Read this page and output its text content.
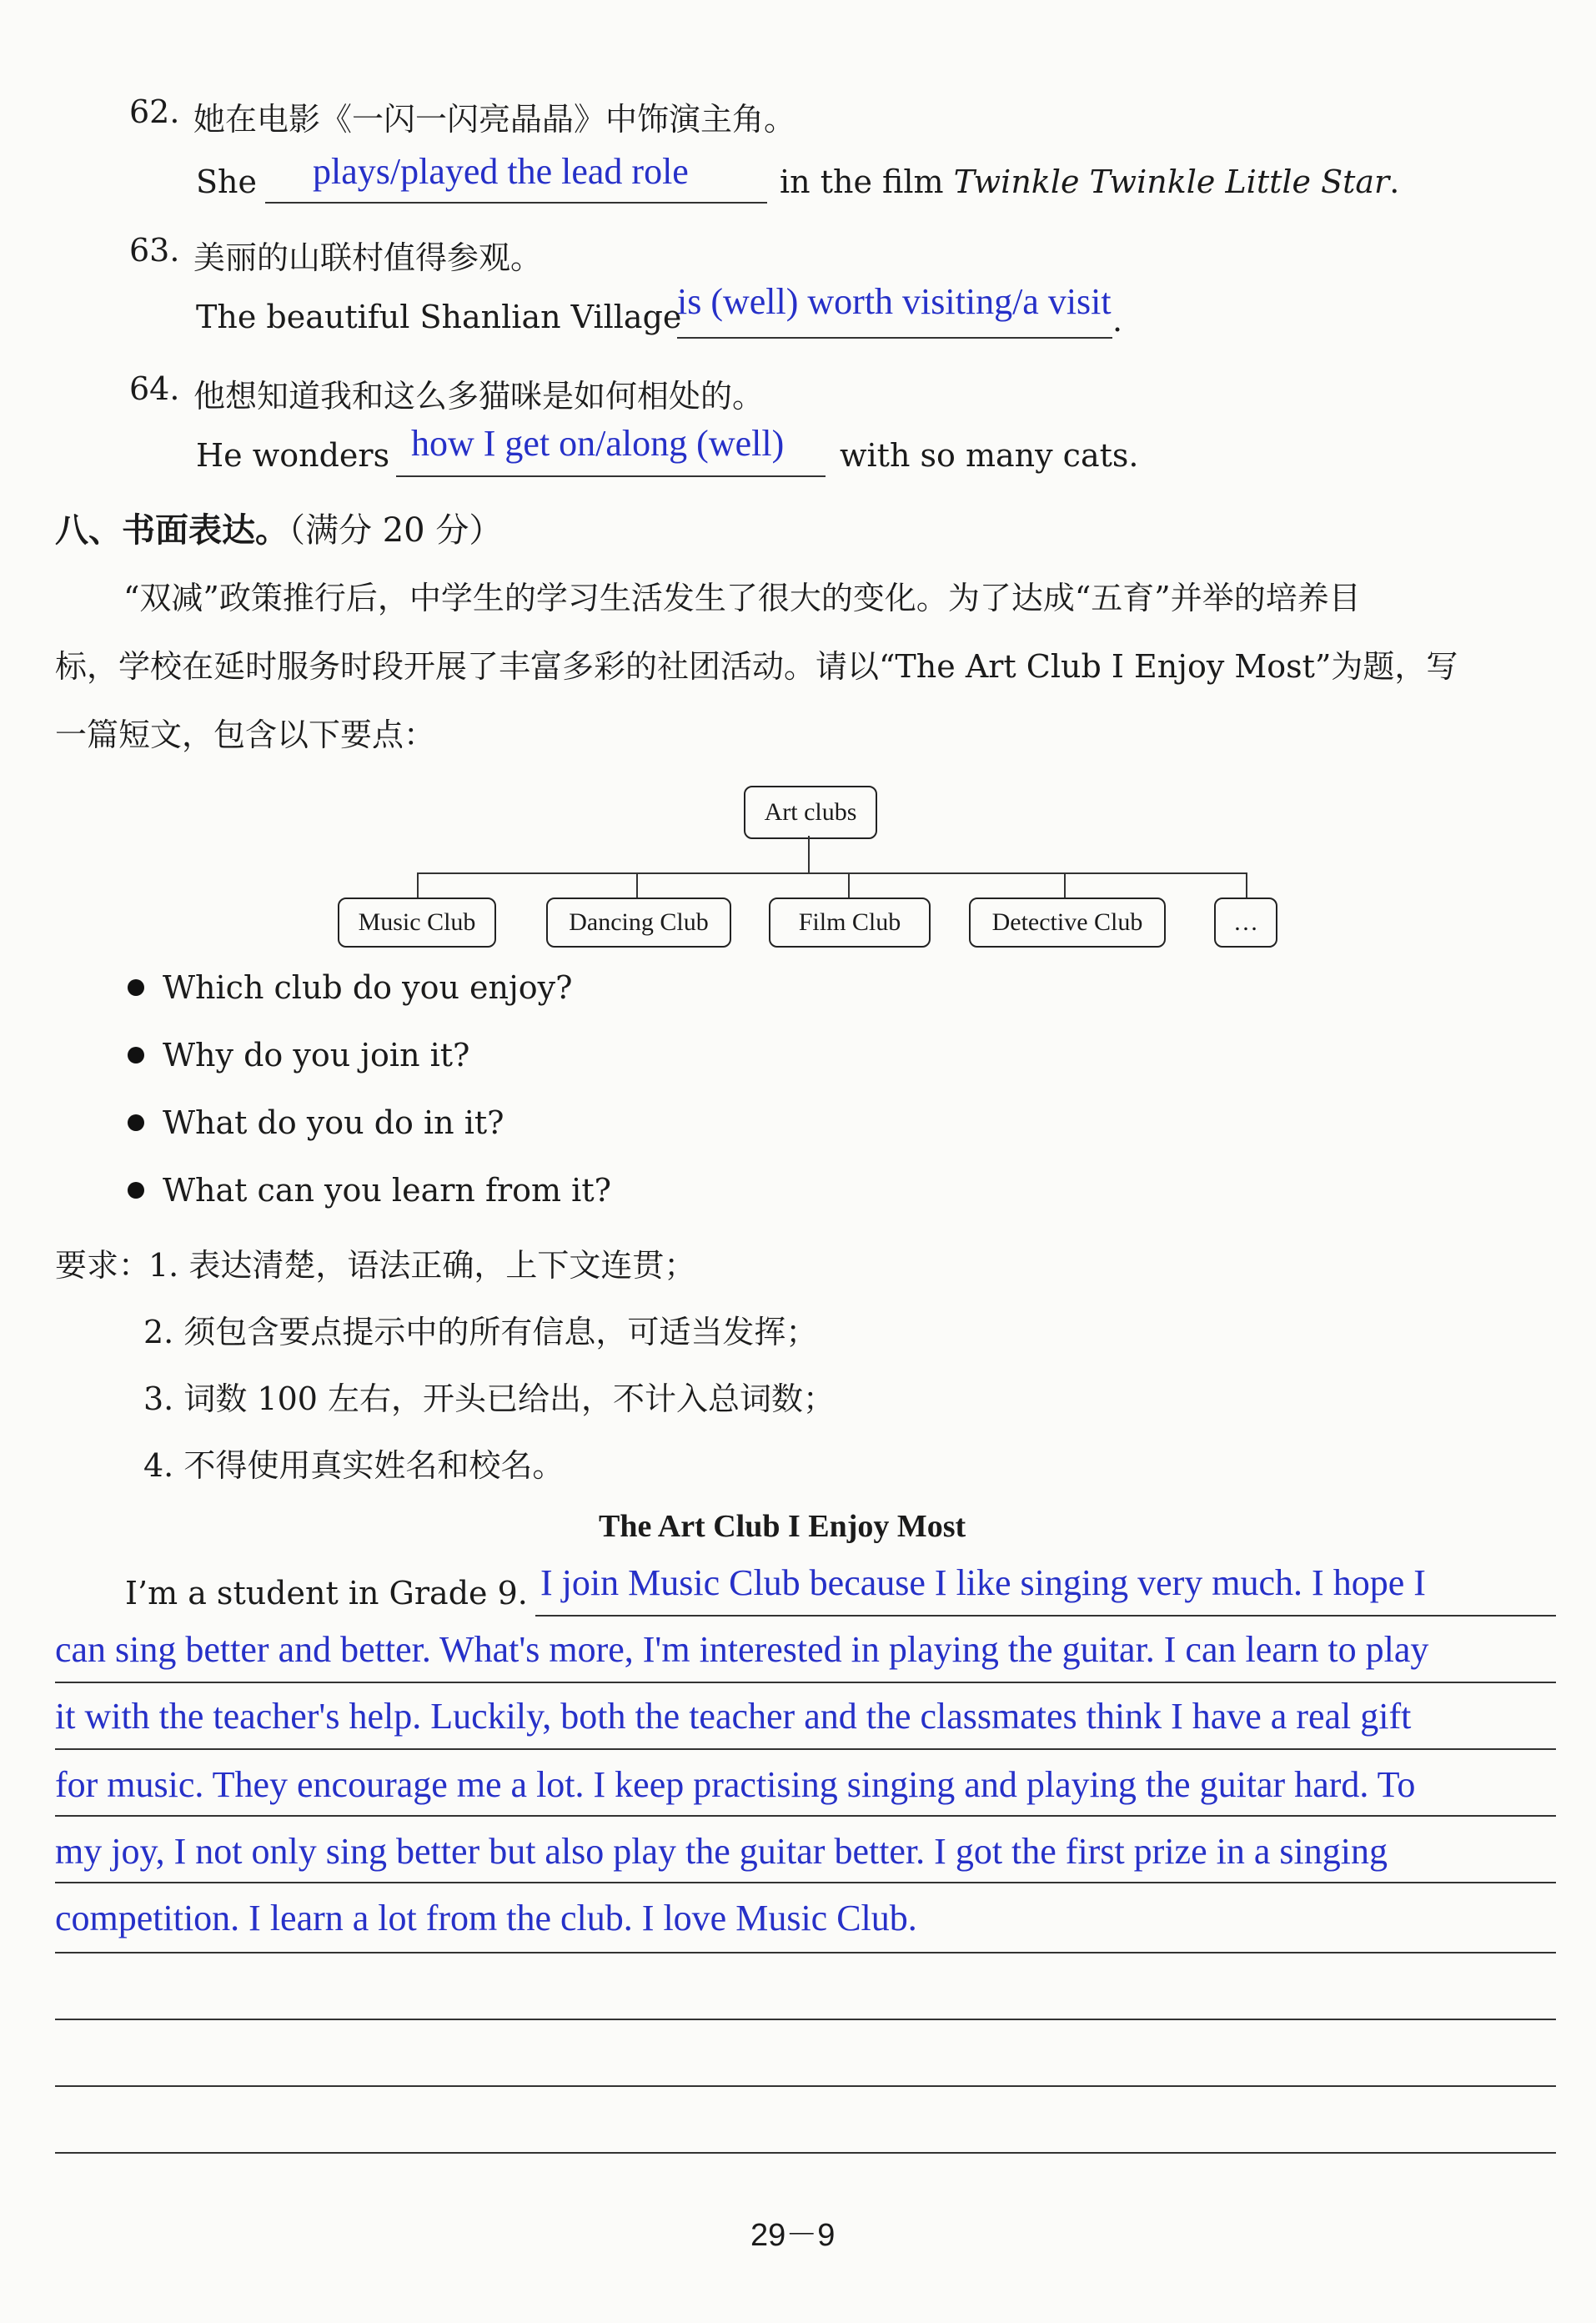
62. 她在电影《一闪一闪亮晶晶》中饰演主角。
She plays/played the lead role	in the film Twinkle Twinkle Little Star.
63. 美丽的山联村值得参观。
The beautiful Shanlian Village
is (well) worth visiting/a visit .
64. 他想知道我和这么多猫咪是如何相处的。
He wonders how I get on/along (well) with so many cats.
八、书面表达。（满分 20 分）
“双减”政策推行后，中学生的学习生活发生了很大的变化。为了达成“五育”并举的培养目
标，学校在延时服务时段开展了丰富多彩的社团活动。请以“The Art Club I Enjoy Most”为题，写
一篇短文，包含以下要点：
Art clubs
Music Club	Dancing Club	Film Club	Detective Club	…
Which club do you enjoy?
Why do you join it?
What do you do in it?
What can you learn from it?
要求：
1. 表达清楚，语法正确，上下文连贯；
2. 须包含要点提示中的所有信息，可适当发挥；
3. 词数 100 左右，开头已给出，不计入总词数；
4. 不得使用真实姓名和校名。
The Art Club I Enjoy Most
I’m a student in Grade 9. I join Music Club because I like singing very much. I hope I
can sing better and better. What's more, I'm interested in playing the guitar. I can learn to play
it with the teacher's help. Luckily, both the teacher and the classmates think I have a real gift
for music. They encourage me a lot. I keep practising singing and playing the guitar hard. To
my joy, I not only sing better but also play the guitar better. I got the first prize in a singing
competition. I learn a lot from the club. I love Music Club.
29－9
